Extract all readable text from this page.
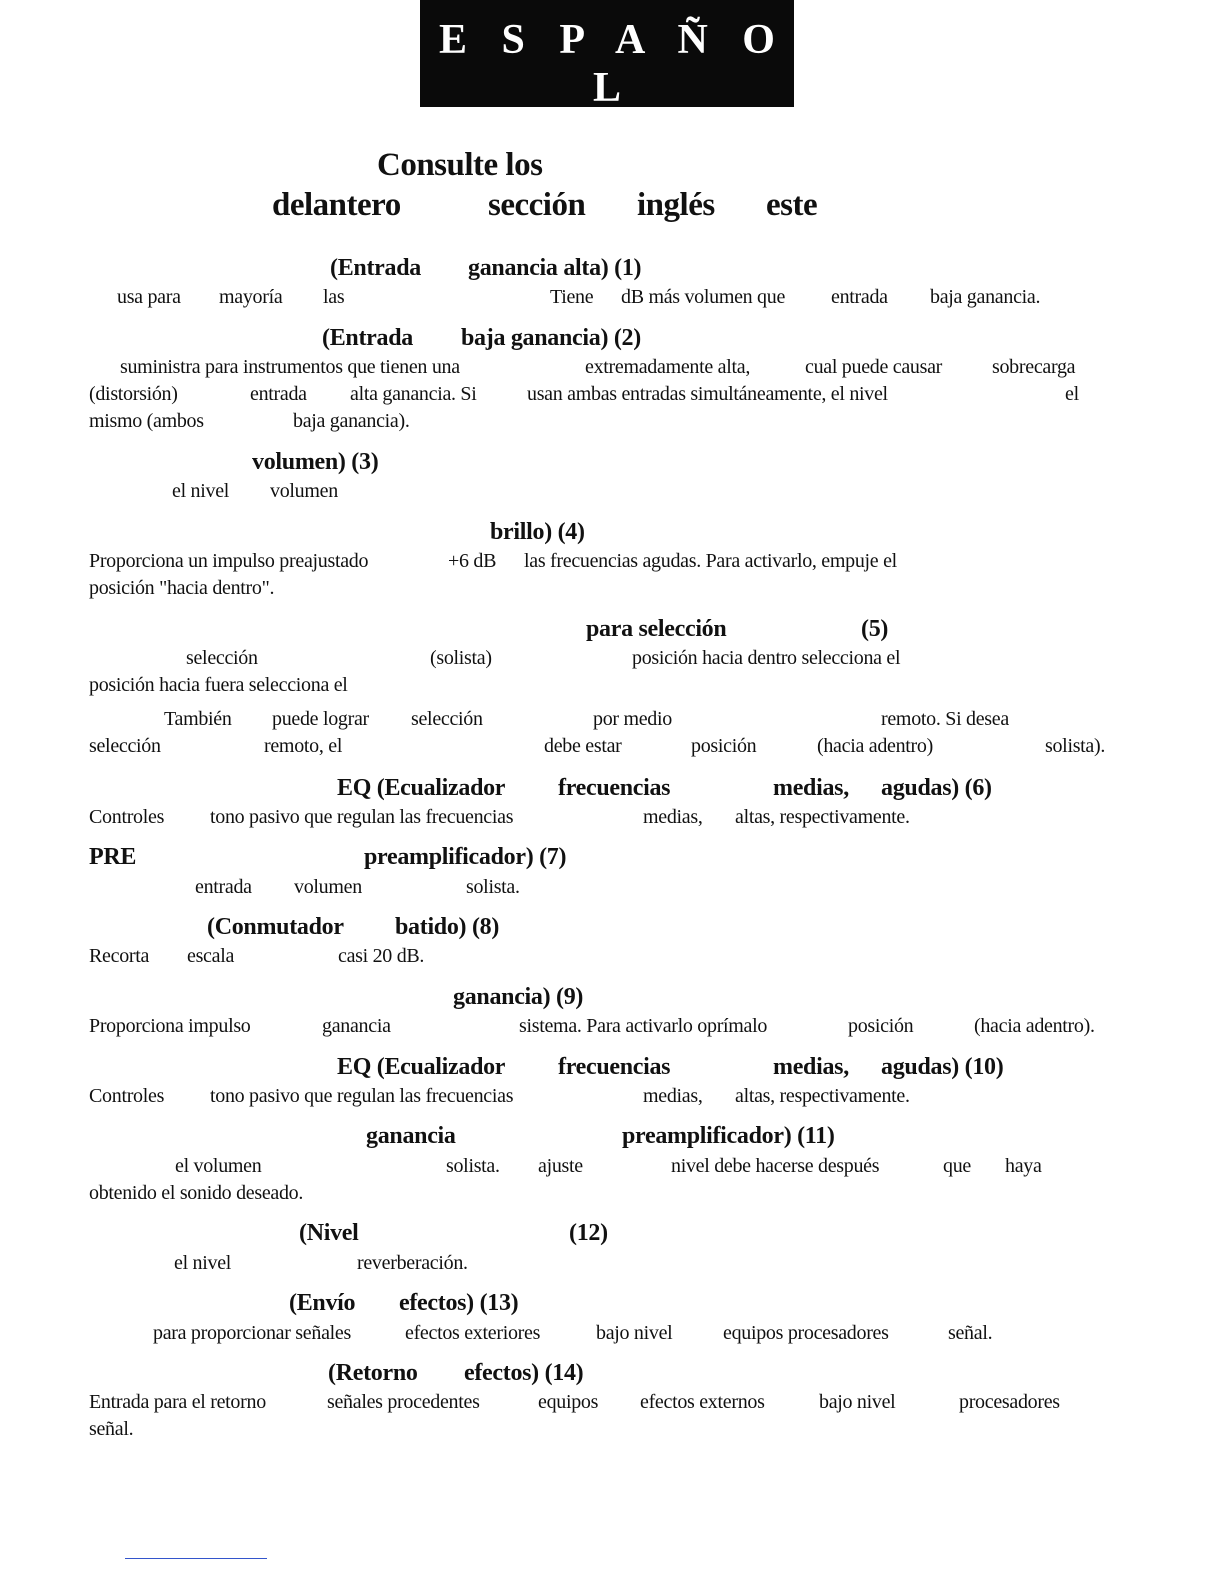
E S P A Ñ O L
Consulte los
delantero	sección inglés este
(Entrada ganancia alta) (1)
usa para mayoría las	Tiene dB más volumen que entrada baja ganancia.
(Entrada baja ganancia) (2)
suministra para instrumentos que tienen una	extremadamente alta,	cual puede causar sobrecarga
(distorsión)	entrada alta ganancia. Si	usan ambas entradas simultáneamente, el nivel	el
mismo (ambos	baja ganancia).
volumen) (3)
el nivel volumen
brillo) (4)
Proporciona un impulso preajustado	+6 dB las frecuencias agudas. Para activarlo, empuje el
posición "hacia dentro".
para selección	(5)
selección	(solista)	posición hacia dentro selecciona el
posición hacia fuera selecciona el
También puede lograr selección	por medio	remoto. Si desea
selección	remoto, el	debe estar	posición	(hacia adentro)	solista).
EQ (Ecualizador frecuencias	medias, agudas) (6)
Controles tono pasivo que regulan las frecuencias	medias, altas, respectivamente.
PRE	preamplificador) (7)
entrada volumen	solista.
(Conmutador batido) (8)
Recorta escala	casi 20 dB.
ganancia) (9)
Proporciona impulso	ganancia	sistema. Para activarlo oprímalo	posición	(hacia adentro).
EQ (Ecualizador frecuencias	medias, agudas) (10)
Controles tono pasivo que regulan las frecuencias	medias, altas, respectivamente.
ganancia	preamplificador) (11)
el volumen	solista. ajuste	nivel debe hacerse después	que haya
obtenido el sonido deseado.
(Nivel	(12)
el nivel	reverberación.
(Envío efectos) (13)
para proporcionar señales	efectos exteriores	bajo nivel	equipos procesadores	señal.
(Retorno efectos) (14)
Entrada para el retorno	señales procedentes	equipos efectos externos	bajo nivel	procesadores
señal.
